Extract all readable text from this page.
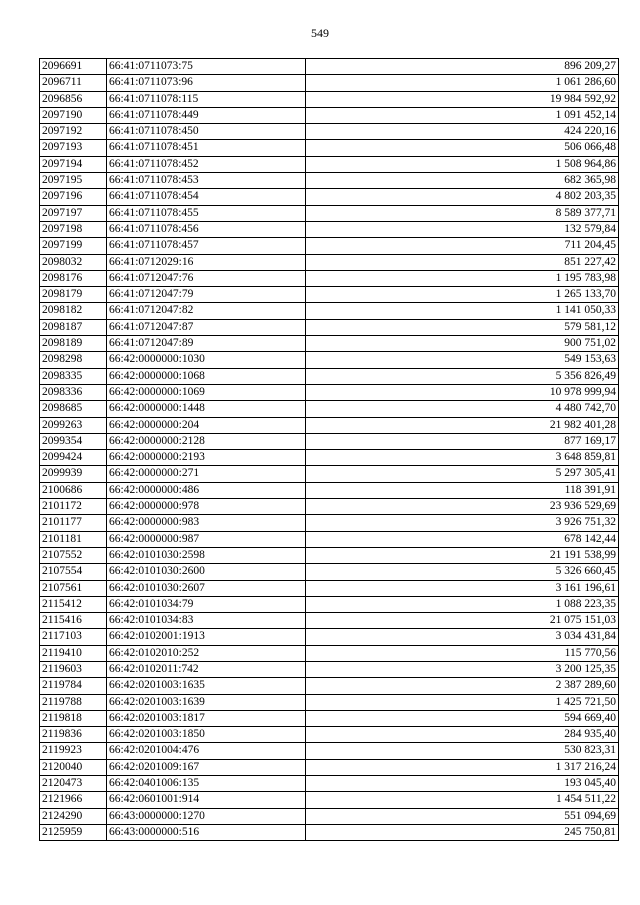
549
2096691	66:41:0711073:75	896 209,27
2096711	66:41:0711073:96	1 061 286,60
2096856	66:41:0711078:115	19 984 592,92
2097190	66:41:0711078:449	1 091 452,14
2097192	66:41:0711078:450	424 220,16
2097193	66:41:0711078:451	506 066,48
2097194	66:41:0711078:452	1 508 964,86
2097195	66:41:0711078:453	682 365,98
2097196	66:41:0711078:454	4 802 203,35
2097197	66:41:0711078:455	8 589 377,71
2097198	66:41:0711078:456	132 579,84
2097199	66:41:0711078:457	711 204,45
2098032	66:41:0712029:16	851 227,42
2098176	66:41:0712047:76	1 195 783,98
2098179	66:41:0712047:79	1 265 133,70
2098182	66:41:0712047:82	1 141 050,33
2098187	66:41:0712047:87	579 581,12
2098189	66:41:0712047:89	900 751,02
2098298	66:42:0000000:1030	549 153,63
2098335	66:42:0000000:1068	5 356 826,49
2098336	66:42:0000000:1069	10 978 999,94
2098685	66:42:0000000:1448	4 480 742,70
2099263	66:42:0000000:204	21 982 401,28
2099354	66:42:0000000:2128	877 169,17
2099424	66:42:0000000:2193	3 648 859,81
2099939	66:42:0000000:271	5 297 305,41
2100686	66:42:0000000:486	118 391,91
2101172	66:42:0000000:978	23 936 529,69
2101177	66:42:0000000:983	3 926 751,32
2101181	66:42:0000000:987	678 142,44
2107552	66:42:0101030:2598	21 191 538,99
2107554	66:42:0101030:2600	5 326 660,45
2107561	66:42:0101030:2607	3 161 196,61
2115412	66:42:0101034:79	1 088 223,35
2115416	66:42:0101034:83	21 075 151,03
2117103	66:42:0102001:1913	3 034 431,84
2119410	66:42:0102010:252	115 770,56
2119603	66:42:0102011:742	3 200 125,35
2119784	66:42:0201003:1635	2 387 289,60
2119788	66:42:0201003:1639	1 425 721,50
2119818	66:42:0201003:1817	594 669,40
2119836	66:42:0201003:1850	284 935,40
2119923	66:42:0201004:476	530 823,31
2120040	66:42:0201009:167	1 317 216,24
2120473	66:42:0401006:135	193 045,40
2121966	66:42:0601001:914	1 454 511,22
2124290	66:43:0000000:1270	551 094,69
2125959	66:43:0000000:516	245 750,81
